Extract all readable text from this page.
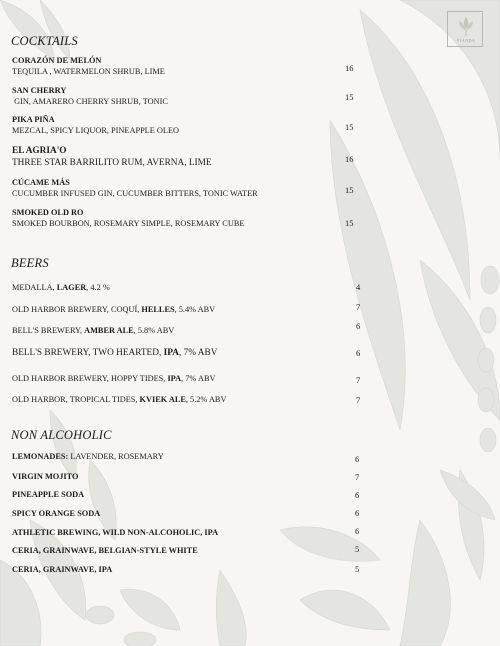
VIANDA
COCKTAILS
CORAZÓN DE MELÓN
TEQUILA , WATERMELON SHRUB, LIME	16
SAN CHERRY
GIN, AMARERO CHERRY SHRUB, TONIC	15
PIKA PIÑA
MEZCAL, SPICY LIQUOR, PINEAPPLE OLEO	15
EL AGRIA'O
THREE STAR BARRILITO RUM, AVERNA, LIME	16
CÚCAME MÁS
CUCUMBER INFUSED GIN, CUCUMBER BITTERS, TONIC WATER	15
SMOKED OLD RO
SMOKED BOURBON, ROSEMARY SIMPLE, ROSEMARY CUBE	15
BEERS
MEDALLA, LAGER, 4.2 %	4
OLD HARBOR BREWERY, COQUÍ, HELLES, 5.4% ABV	7
BELL'S BREWERY, AMBER ALE, 5.8% ABV	6
BELL'S BREWERY, TWO HEARTED, IPA, 7% ABV	6
OLD HARBOR BREWERY, HOPPY TIDES, IPA, 7% ABV	7
OLD HARBOR, TROPICAL TIDES, KVIEK ALE, 5.2% ABV	7
NON ALCOHOLIC
LEMONADES: LAVENDER, ROSEMARY	6
VIRGIN MOJITO	7
PINEAPPLE SODA	6
SPICY ORANGE SODA	6
ATHLETIC BREWING, WILD NON-ALCOHOLIC, IPA	6
CERIA, GRAINWAVE, BELGIAN-STYLE WHITE	5
CERIA, GRAINWAVE, IPA	5
